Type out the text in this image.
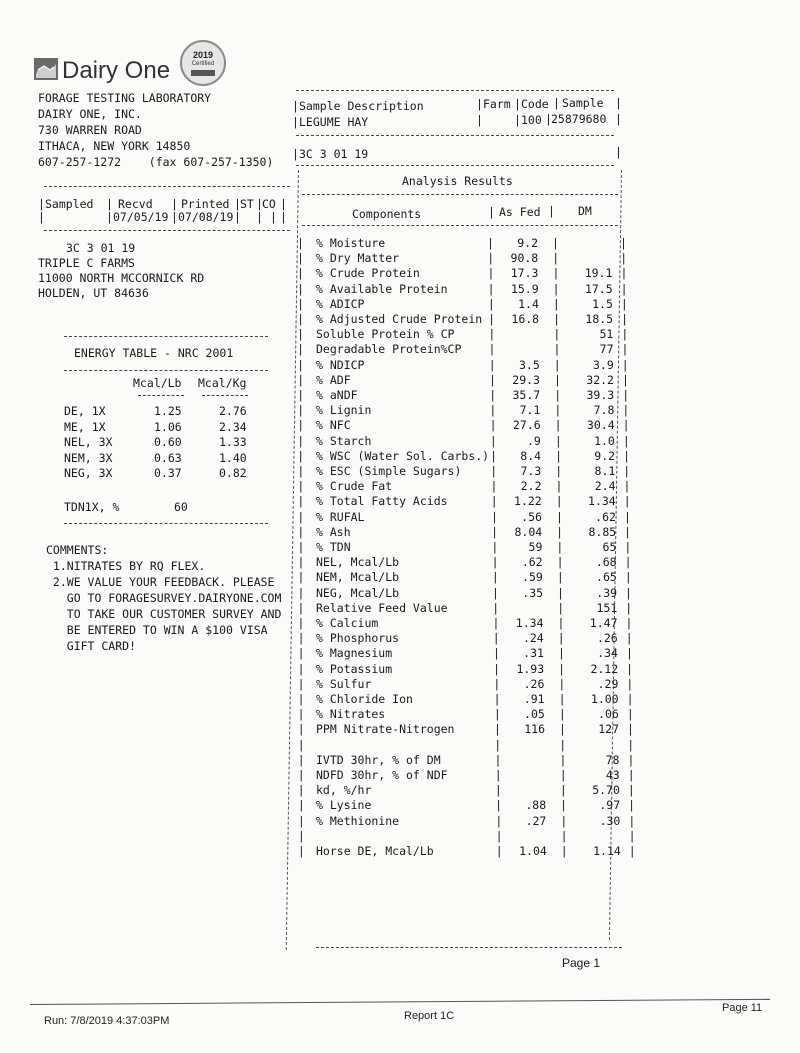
Dairy One
2019
Certified
FORAGE TESTING LABORATORY
DAIRY ONE, INC.
730 WARREN ROAD
ITHACA, NEW YORK 14850
607-257-1272    (fax 607-257-1350)
| Sampled | Recvd | Printed | ST | CO |
|	| 07/05/19 | 07/08/19 | | | |
3C 3 01 19
TRIPLE C FARMS
11000 NORTH MCCORNICK RD
HOLDEN, UT 84636
ENERGY TABLE - NRC 2001
Mcal/Lb Mcal/Kg
DE, 1X	1.25	2.76
ME, 1X	1.06	2.34
NEL, 3X	0.60	1.33
NEM, 3X	0.63	1.40
NEG, 3X	0.37	0.82
TDN1X, %	60
COMMENTS:
1.NITRATES BY RQ FLEX.
2.WE VALUE YOUR FEEDBACK. PLEASE
GO TO FORAGESURVEY.DAIRYONE.COM
TO TAKE OUR CUSTOMER SURVEY AND
BE ENTERED TO WIN A $100 VISA
GIFT CARD!
| Sample Description	| Farm | Code | Sample |
| LEGUME HAY	|	| 100 | 25879680 |
| 3C 3 01 19	|
Analysis Results
Components	| As Fed | DM
| % Moisture	|	9.2 |	|
| % Dry Matter	|	90.8 |	|
| % Crude Protein	|	17.3 |	19.1 |
| % Available Protein	|	15.9 |	17.5 |
| % ADICP	|	1.4 |	1.5 |
| % Adjusted Crude Protein |	16.8 |	18.5 |
| Soluble Protein % CP	|	|	51 |
| Degradable Protein%CP |	|	77 |
| % NDICP	|	3.5 |	3.9 |
| % ADF	|	29.3 |	32.2 |
| % aNDF	|	35.7 |	39.3 |
| % Lignin	|	7.1 |	7.8 |
| % NFC	|	27.6 |	30.4 |
| % Starch	|	.9 |	1.0 |
| % WSC (Water Sol. Carbs.) |	8.4 |	9.2 |
| % ESC (Simple Sugars)	|	7.3 |	8.1 |
| % Crude Fat	|	2.2 |	2.4 |
| % Total Fatty Acids	|	1.22 |	1.34 |
| % RUFAL	|	.56 |	.62 |
| % Ash	|	8.04 |	8.85 |
| % TDN	|	59 |	65 |
| NEL, Mcal/Lb	|	.62 |	.68 |
| NEM, Mcal/Lb	|	.59 |	.65 |
| NEG, Mcal/Lb	|	.35 |	.39 |
| Relative Feed Value	|	|	151 |
| % Calcium	|	1.34 |	1.47 |
| % Phosphorus	|	.24 |	.26 |
| % Magnesium	|	.31 |	.34 |
| % Potassium	|	1.93 |	2.12 |
| % Sulfur	|	.26 |	.29 |
| % Chloride Ion	|	.91 |	1.00 |
| % Nitrates	|	.05 |	.06 |
| PPM Nitrate-Nitrogen	|	116 |	127 |
|	|	|	|
| IVTD 30hr, % of DM	|	|	78 |
| NDFD 30hr, % of NDF	|	|	43 |
| kd, %/hr	|	|	5.70 |
| % Lysine	|	.88 |	.97 |
| % Methionine	|	.27 |	.30 |
|	|	|	|
| Horse DE, Mcal/Lb	|	1.04 |	1.14 |
Page 1
Run: 7/8/2019 4:37:03PM	Report 1C
Page 11
